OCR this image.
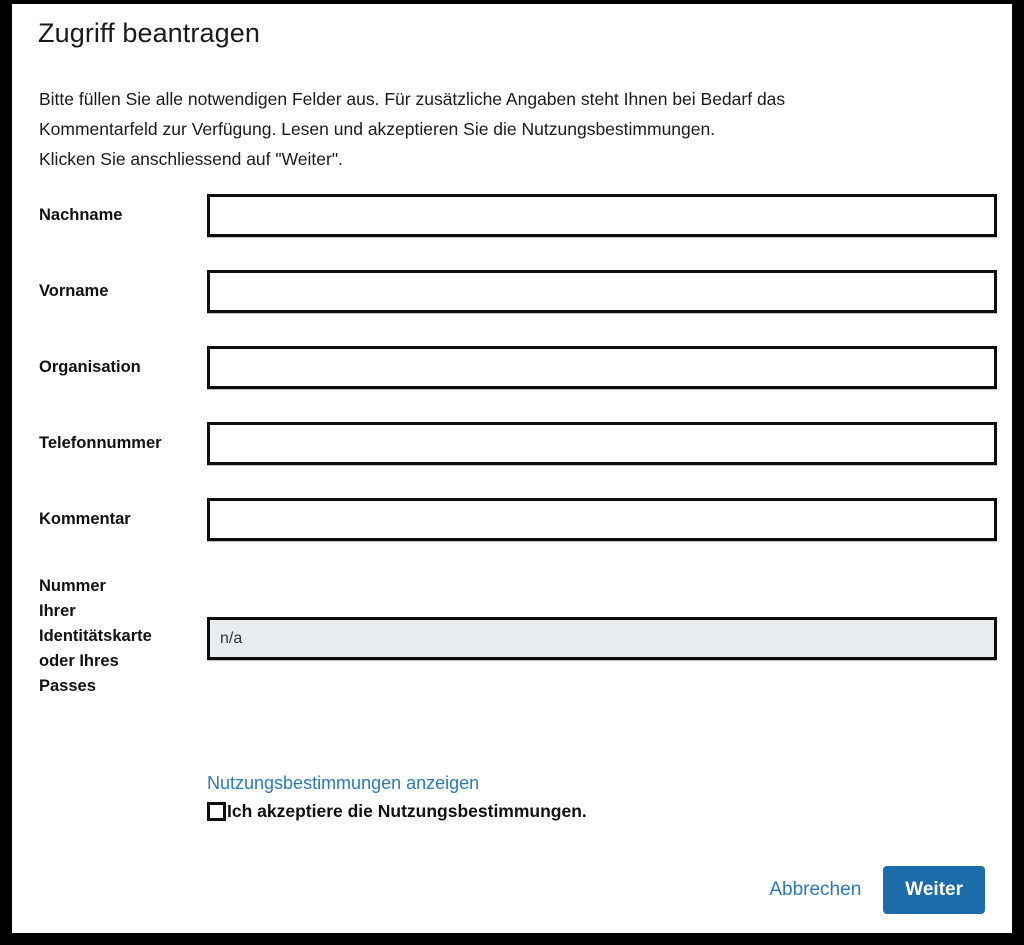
Zugriff beantragen
Bitte füllen Sie alle notwendigen Felder aus. Für zusätzliche Angaben steht Ihnen bei Bedarf das
Kommentarfeld zur Verfügung. Lesen und akzeptieren Sie die Nutzungsbestimmungen.
Klicken Sie anschliessend auf "Weiter".
Nachname
Vorname
Organisation
Telefonnummer
Kommentar
Nummer
Ihrer
Identitätskarte
oder Ihres
Passes
n/a
Nutzungsbestimmungen anzeigen
Ich akzeptiere die Nutzungsbestimmungen.
Abbrechen	Weiter
